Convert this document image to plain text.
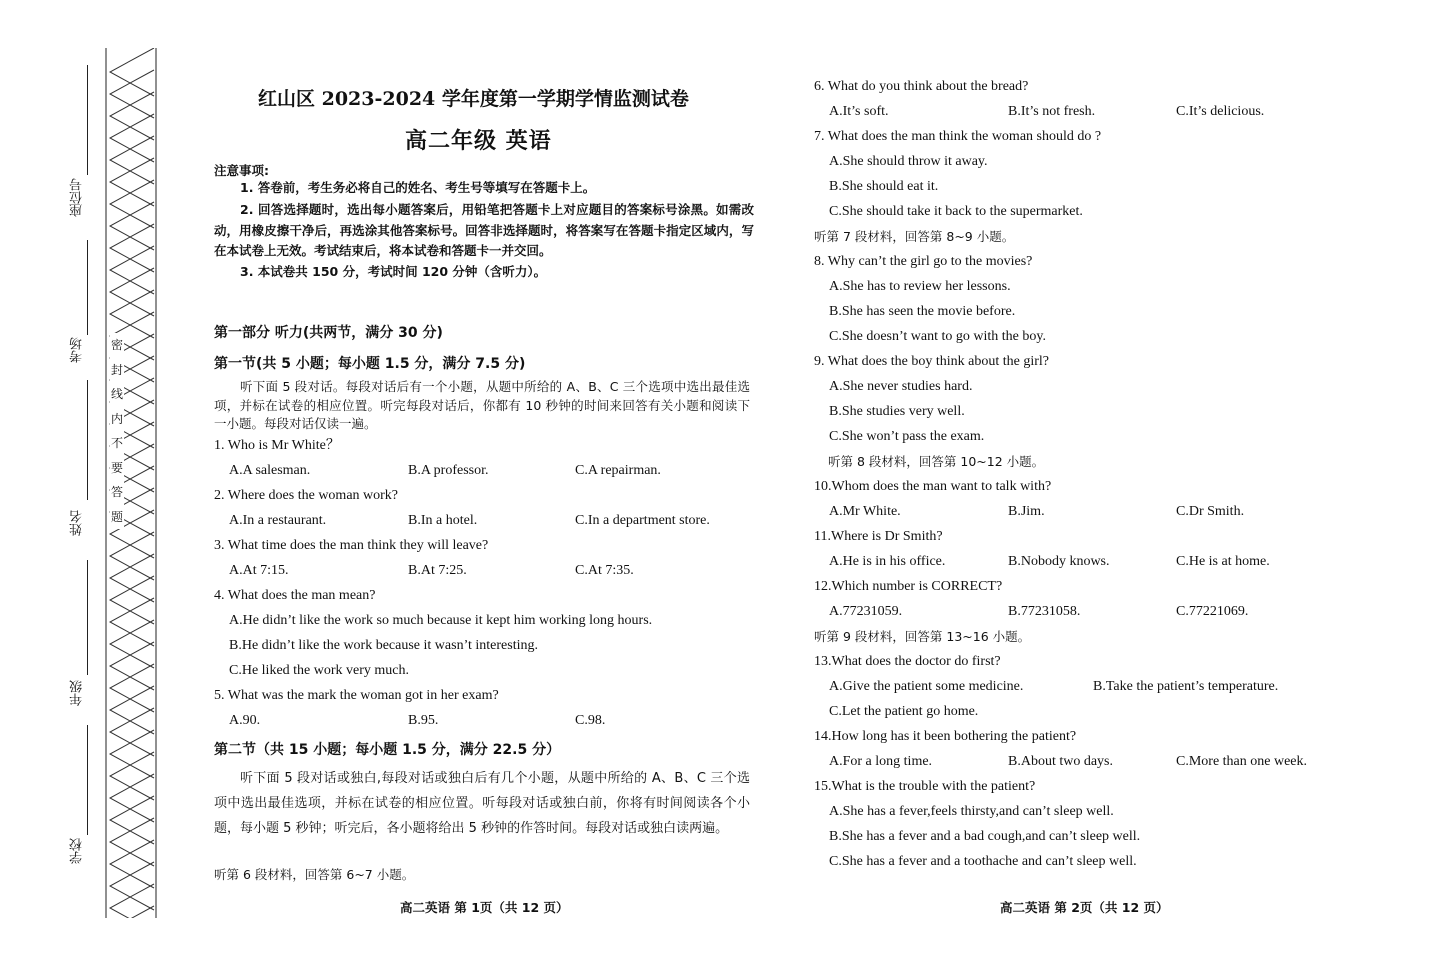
座位号
考场
姓名
年级
学校
密封线内不要答题
红山区 2023-2024 学年度第一学期学情监测试卷
高二年级 英语
注意事项:
1. 答卷前，考生务必将自己的姓名、考生号等填写在答题卡上。
2. 回答选择题时，选出每小题答案后，用铅笔把答题卡上对应题目的答案标号涂黑。如需改动，用橡皮擦干净后，再选涂其他答案标号。回答非选择题时，将答案写在答题卡指定区域内，写在本试卷上无效。考试结束后，将本试卷和答题卡一并交回。
3. 本试卷共 150 分，考试时间 120 分钟（含听力）。
第一部分 听力(共两节，满分 30 分)
第一节(共 5 小题；每小题 1.5 分，满分 7.5 分)
听下面 5 段对话。每段对话后有一个小题，从题中所给的 A、B、C 三个选项中选出最佳选项，并标在试卷的相应位置。听完每段对话后，你都有 10 秒钟的时间来回答有关小题和阅读下一小题。每段对话仅读一遍。
1. Who is Mr White？
A.A salesman.	B.A professor.	C.A repairman.
2. Where does the woman work?
A.In a restaurant.	B.In a hotel.	C.In a department store.
3. What time does the man think they will leave?
A.At 7:15.	B.At 7:25.	C.At 7:35.
4. What does the man mean?
A.He didn’t like the work so much because it kept him working long hours.
B.He didn’t like the work because it wasn’t interesting.
C.He liked the work very much.
5. What was the mark the woman got in her exam?
A.90.	B.95.	C.98.
第二节（共 15 小题；每小题 1.5 分，满分 22.5 分）
听下面 5 段对话或独白,每段对话或独白后有几个小题，从题中所给的 A、B、C 三个选项中选出最佳选项，并标在试卷的相应位置。听每段对话或独白前，你将有时间阅读各个小题，每小题 5 秒钟；听完后，各小题将给出 5 秒钟的作答时间。每段对话或独白读两遍。
听第 6 段材料，回答第 6~7 小题。
高二英语 第 1页（共 12 页）
6. What do you think about the bread?
A.It’s soft.	B.It’s not fresh.	C.It’s delicious.
7. What does the man think the woman should do ?
A.She should throw it away.
B.She should eat it.
C.She should take it back to the supermarket.
听第 7 段材料，回答第 8~9 小题。
8. Why can’t the girl go to the movies?
A.She has to review her lessons.
B.She has seen the movie before.
C.She doesn’t want to go with the boy.
9. What does the boy think about the girl?
A.She never studies hard.
B.She studies very well.
C.She won’t pass the exam.
听第 8 段材料，回答第 10~12 小题。
10.Whom does the man want to talk with?
A.Mr White.	B.Jim.	C.Dr Smith.
11.Where is Dr Smith?
A.He is in his office.	B.Nobody knows.	C.He is at home.
12.Which number is CORRECT?
A.77231059.	B.77231058.	C.77221069.
听第 9 段材料，回答第 13~16 小题。
13.What does the doctor do first?
A.Give the patient some medicine.	B.Take the patient’s temperature.
C.Let the patient go home.
14.How long has it been bothering the patient?
A.For a long time.	B.About two days.	C.More than one week.
15.What is the trouble with the patient?
A.She has a fever,feels thirsty,and can’t sleep well.
B.She has a fever and a bad cough,and can’t sleep well.
C.She has a fever and a toothache and can’t sleep well.
高二英语 第 2页（共 12 页）
